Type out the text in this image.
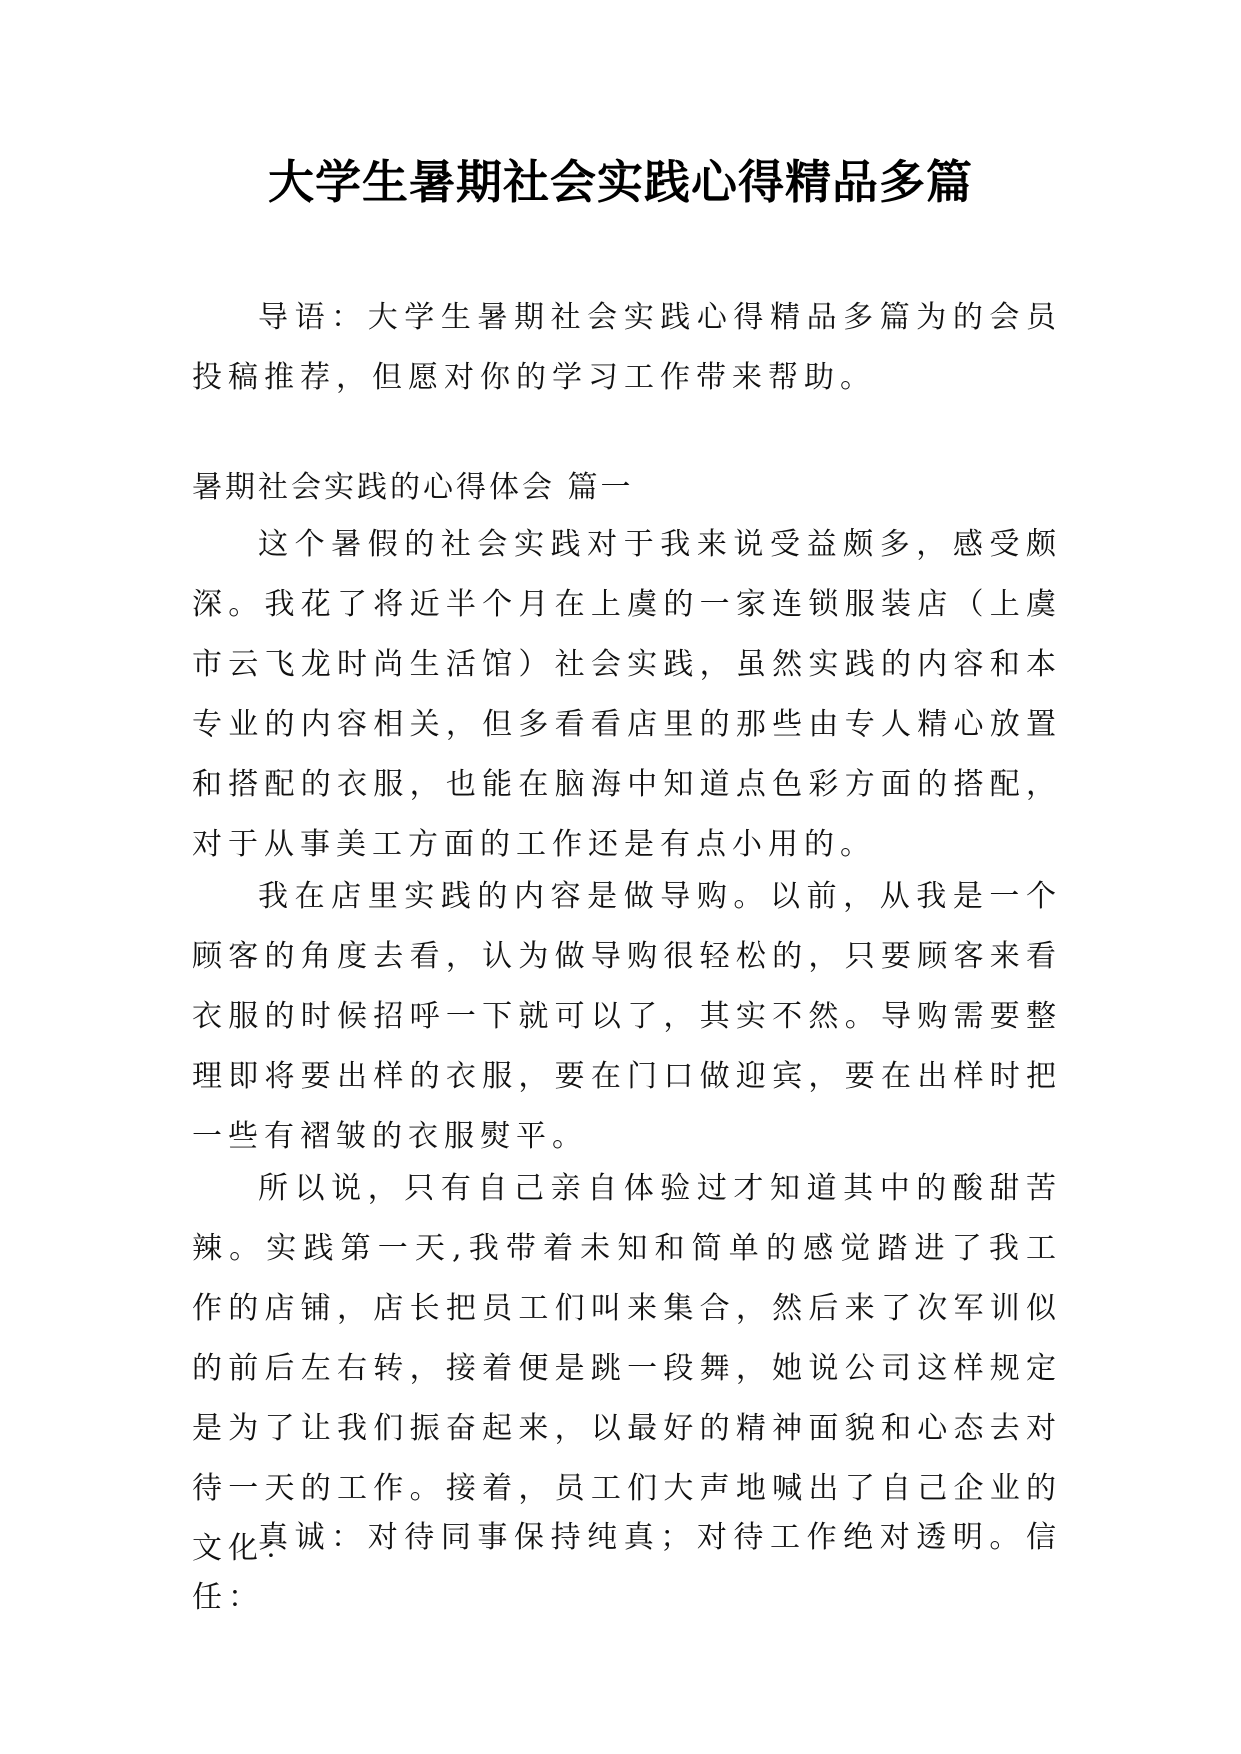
大学生暑期社会实践心得精品多篇

导语：大学生暑期社会实践心得精品多篇为的会员投稿推荐，但愿对你的学习工作带来帮助。

暑期社会实践的心得体会 篇一

这个暑假的社会实践对于我来说受益颇多，感受颇深。我花了将近半个月在上虞的一家连锁服装店（上虞市云飞龙时尚生活馆）社会实践，虽然实践的内容和本专业的内容相关，但多看看店里的那些由专人精心放置和搭配的衣服，也能在脑海中知道点色彩方面的搭配，对于从事美工方面的工作还是有点小用的。

我在店里实践的内容是做导购。以前，从我是一个顾客的角度去看，认为做导购很轻松的，只要顾客来看衣服的时候招呼一下就可以了，其实不然。导购需要整理即将要出样的衣服，要在门口做迎宾，要在出样时把一些有褶皱的衣服熨平。

所以说，只有自己亲自体验过才知道其中的酸甜苦辣。实践第一天,我带着未知和简单的感觉踏进了我工作的店铺，店长把员工们叫来集合，然后来了次军训似的前后左右转，接着便是跳一段舞，她说公司这样规定是为了让我们振奋起来，以最好的精神面貌和心态去对待一天的工作。接着，员工们大声地喊出了自己企业的文化：

真诚：对待同事保持纯真；对待工作绝对透明。信任：
